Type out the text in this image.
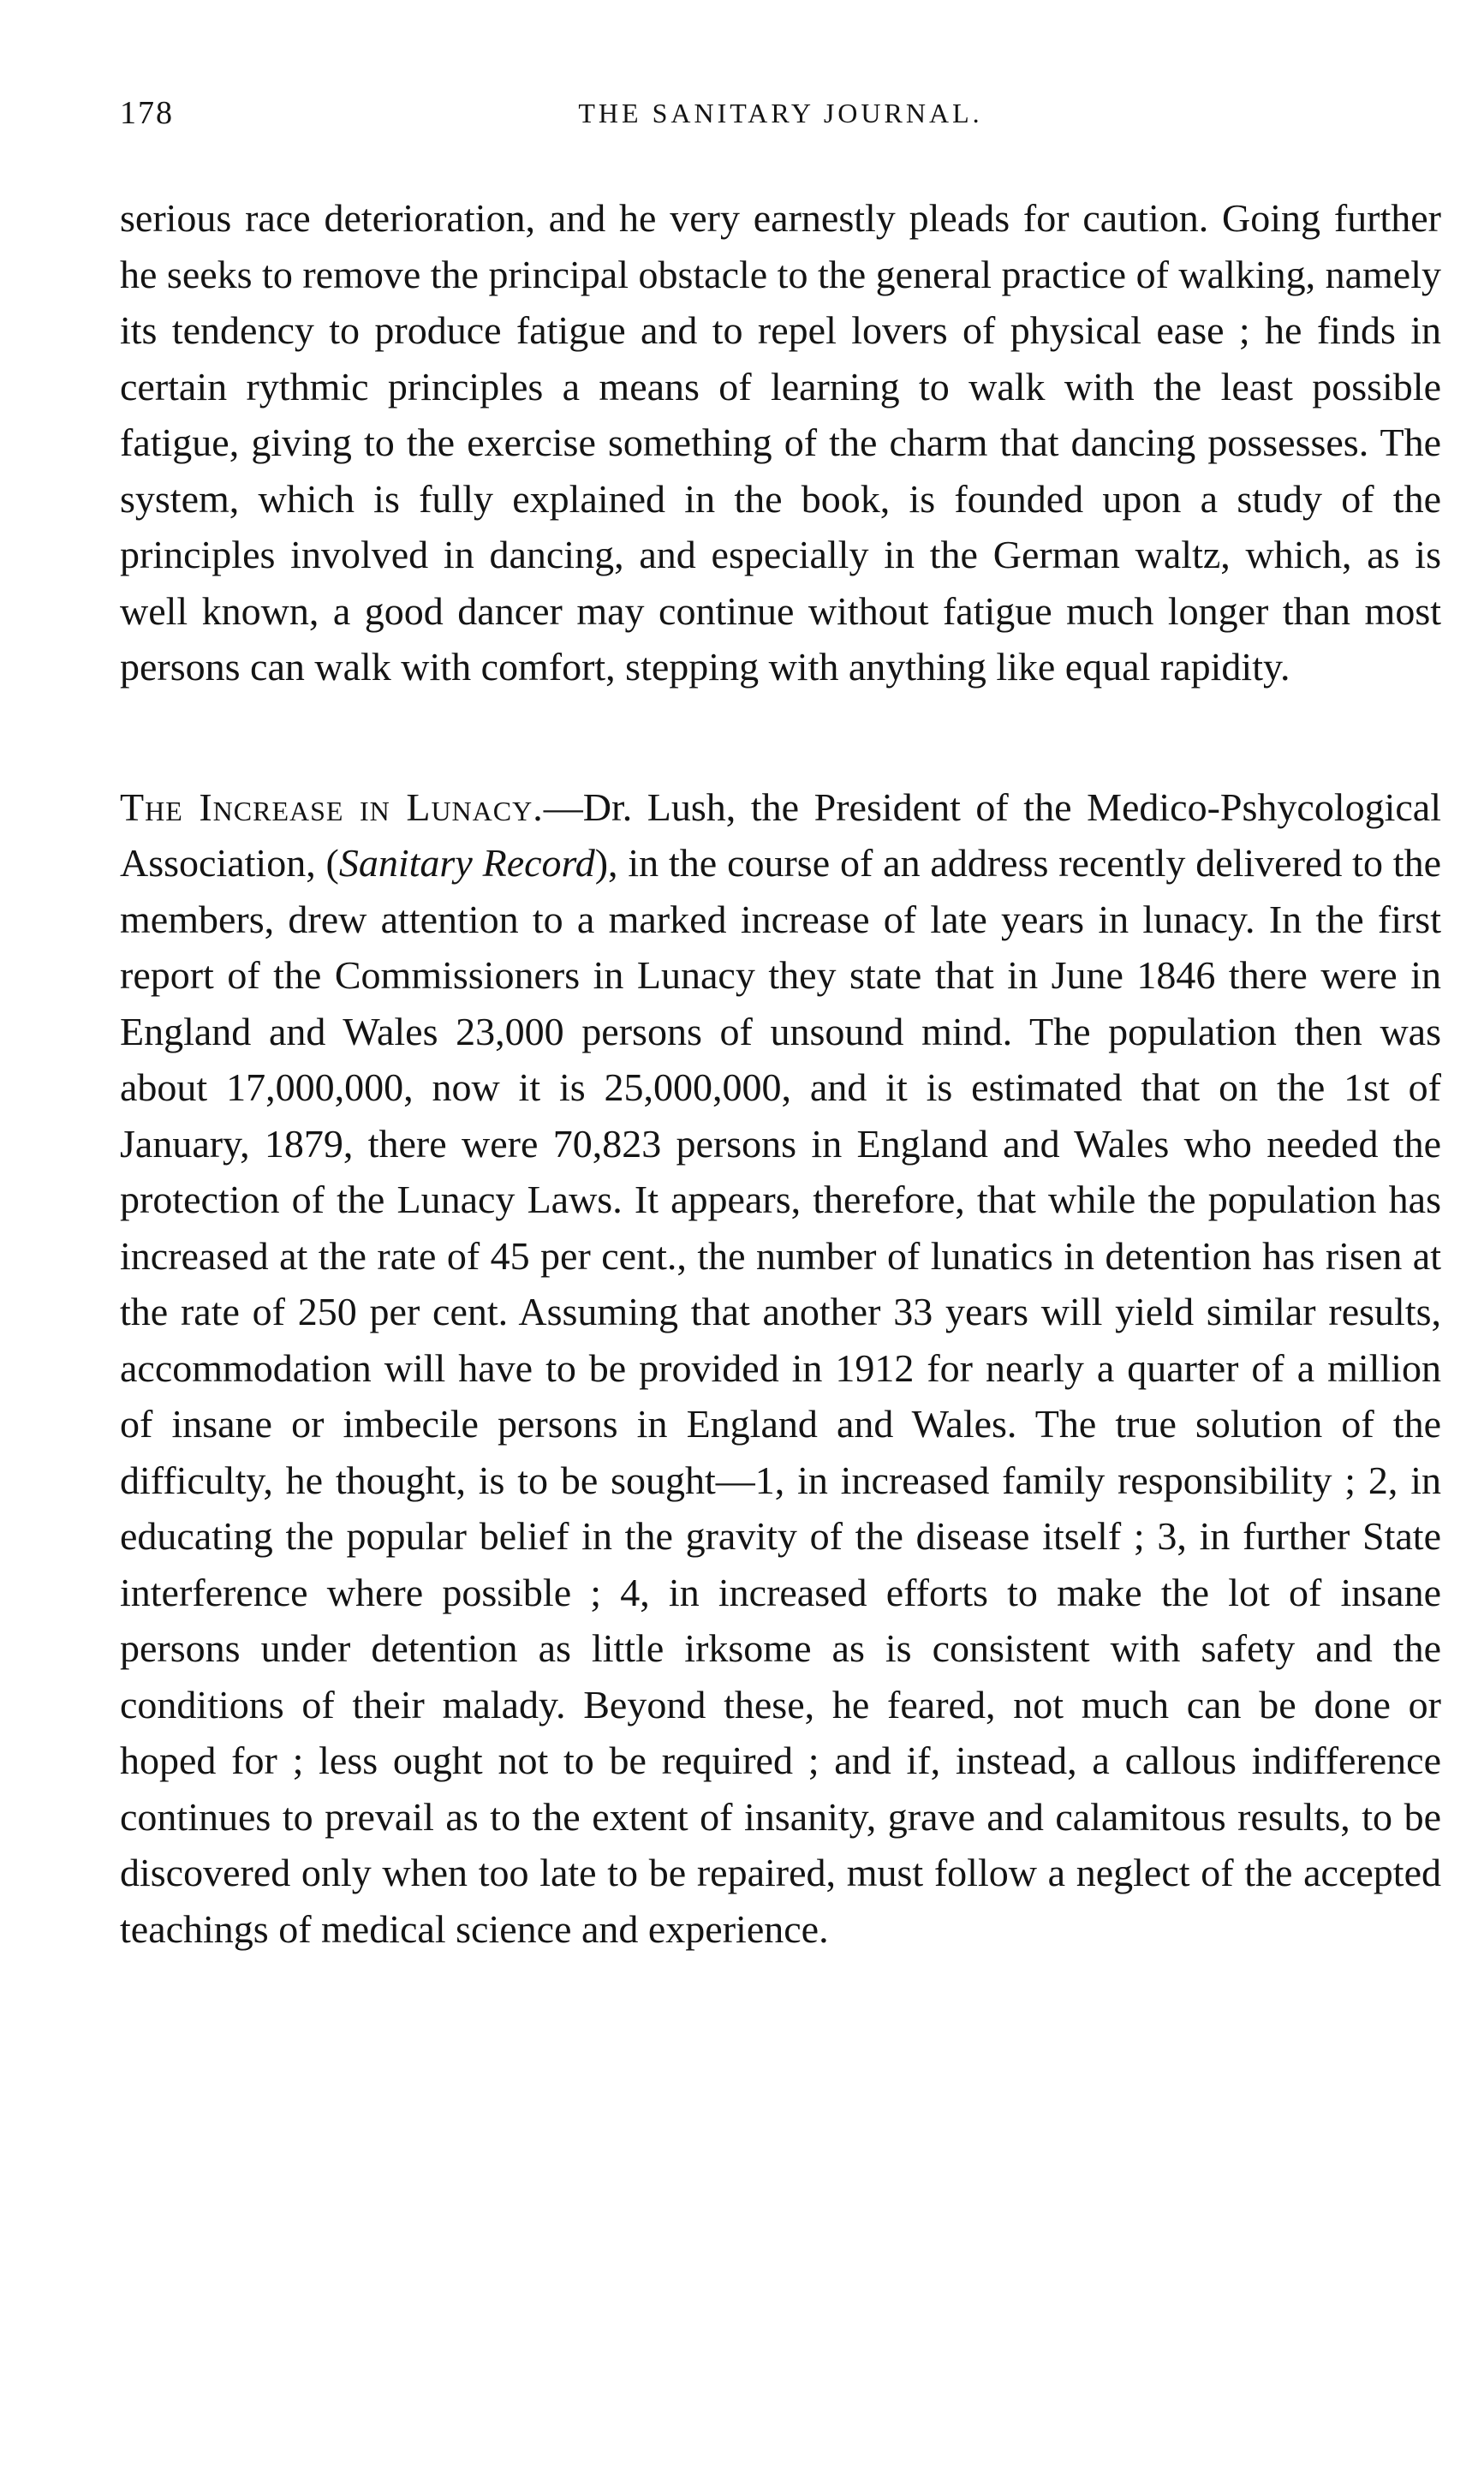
178	THE SANITARY JOURNAL.

serious race deterioration, and he very earnestly pleads for caution. Going further he seeks to remove the principal obstacle to the general practice of walking, namely its tendency to produce fatigue and to repel lovers of physical ease ; he finds in certain rythmic principles a means of learning to walk with the least possible fatigue, giving to the exercise something of the charm that dancing possesses. The system, which is fully explained in the book, is founded upon a study of the principles involved in dancing, and especially in the German waltz, which, as is well known, a good dancer may continue without fatigue much longer than most persons can walk with comfort, stepping with anything like equal rapidity.

The Increase in Lunacy.—Dr. Lush, the President of the Medico-Pshycological Association, (Sanitary Record), in the course of an address recently delivered to the members, drew attention to a marked increase of late years in lunacy. In the first report of the Commissioners in Lunacy they state that in June 1846 there were in England and Wales 23,000 persons of unsound mind. The population then was about 17,000,000, now it is 25,000,000, and it is estimated that on the 1st of January, 1879, there were 70,823 persons in England and Wales who needed the protection of the Lunacy Laws. It appears, therefore, that while the population has increased at the rate of 45 per cent., the number of lunatics in detention has risen at the rate of 250 per cent. Assuming that another 33 years will yield similar results, accommodation will have to be provided in 1912 for nearly a quarter of a million of insane or imbecile persons in England and Wales. The true solution of the difficulty, he thought, is to be sought—1, in increased family responsibility ; 2, in educating the popular belief in the gravity of the disease itself ; 3, in further State interference where possible ; 4, in increased efforts to make the lot of insane persons under detention as little irksome as is consistent with safety and the conditions of their malady. Beyond these, he feared, not much can be done or hoped for ; less ought not to be required ; and if, instead, a callous indifference continues to prevail as to the extent of insanity, grave and calamitous results, to be discovered only when too late to be repaired, must follow a neglect of the accepted teachings of medical science and experience.
